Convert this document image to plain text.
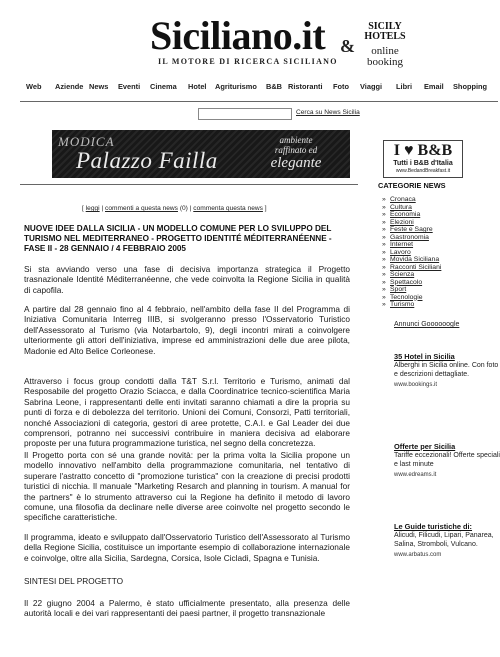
Siciliano.it
IL MOTORE DI RICERCA SICILIANO
&
SICILY
HOTELS
online
booking
Web Aziende News Eventi Cinema Hotel Agriturismo B&B Ristoranti Foto Viaggi Libri Email Shopping
Cerca su News Sicilia
MODICA
Palazzo Failla
ambiente
raffinato ed
elegante
I ♥ B&B
Tutti i B&B d'Italia
www.BedandBreakfast.it
[ leggi | commenti a questa news (0) | commenta questa news ]
NUOVE IDEE DALLA SICILIA - UN MODELLO COMUNE PER LO SVILUPPO DEL TURISMO NEL MEDITERRANEO - PROGETTO IDENTITÉ MÉDITERRANÉENNE - FASE II - 28 GENNAIO / 4 FEBBRAIO 2005
Si sta avviando verso una fase di decisiva importanza strategica il Progetto trasnazionale Identité Méditerranéenne, che vede coinvolta la Regione Sicilia in qualità di capofila.
A partire dal 28 gennaio fino al 4 febbraio, nell'ambito della fase II del Programma di Iniziativa Comunitaria Interreg IIIB, si svolgeranno presso l'Osservatorio Turistico dell'Assessorato al Turismo (via Notarbartolo, 9), degli incontri mirati a coinvolgere ulteriormente gli attori dell'iniziativa, imprese ed amministrazioni delle due aree pilota, Madonie ed Alto Belice Corleonese.
Attraverso i focus group condotti dalla T&T S.r.l. Territorio e Turismo, animati dal Resposabile del progetto Orazio Sciacca, e dalla Coordinatrice tecnico-scientifica Maria Sabrina Leone, i rappresentanti delle enti invitati saranno chiamati a dire la propria su punti di forza e di debolezza del territorio. Unioni dei Comuni, Consorzi, Patti territoriali, nonché Associazioni di categoria, gestori di aree protette, C.A.I. e Gal Leader dei due comprensori, potranno nei successivi contribuire in maniera decisiva ad elaborare proposte per una futura programmazione turistica, nel segno della concretezza.
Il Progetto porta con sé una grande novità: per la prima volta la Sicilia propone un modello innovativo nell'ambito della programmazione comunitaria, nel tentativo di superare l'astratto concetto di "promozione turistica" con la creazione di precisi prodotti turistici di nicchia. Il manuale "Marketing Resarch and planning in tourism. A manual for the partners" è lo strumento attraverso cui la Regione ha definito il metodo di lavoro comune, una filosofia da declinare nelle diverse aree coinvolte nel progetto secondo le specifiche caratteristiche.
Il programma, ideato e sviluppato dall'Osservatorio Turistico dell'Assessorato al Turismo della Regione Sicilia, costituisce un importante esempio di collaborazione internazionale e coinvolge, oltre alla Sicilia, Sardegna, Corsica, Isole Cicladi, Spagna e Tunisia.
SINTESI DEL PROGETTO
Il 22 giugno 2004 a Palermo, è stato ufficialmente presentato, alla presenza delle autorità locali e dei vari rappresentanti dei paesi partner, il progetto transnazionale
CATEGORIE NEWS
» Cronaca
» Cultura
» Economia
» Elezioni
» Feste e Sagre
» Gastronomia
» Internet
» Lavoro
» Movida Siciliana
» Racconti Siciliani
» Scienza
» Spettacolo
» Sport
» Tecnologie
» Turismo
Annunci Goooooogle
35 Hotel in Sicilia
Alberghi in Sicilia online. Con foto e descrizioni dettagliate.
www.bookings.it
Offerte per Sicilia
Tariffe eccezionali! Offerte speciali e last minute
www.edreams.it
Le Guide turistiche di:
Alicudi, Filicudi, Lipari, Panarea, Salina, Stromboli, Vulcano.
www.arbatus.com
